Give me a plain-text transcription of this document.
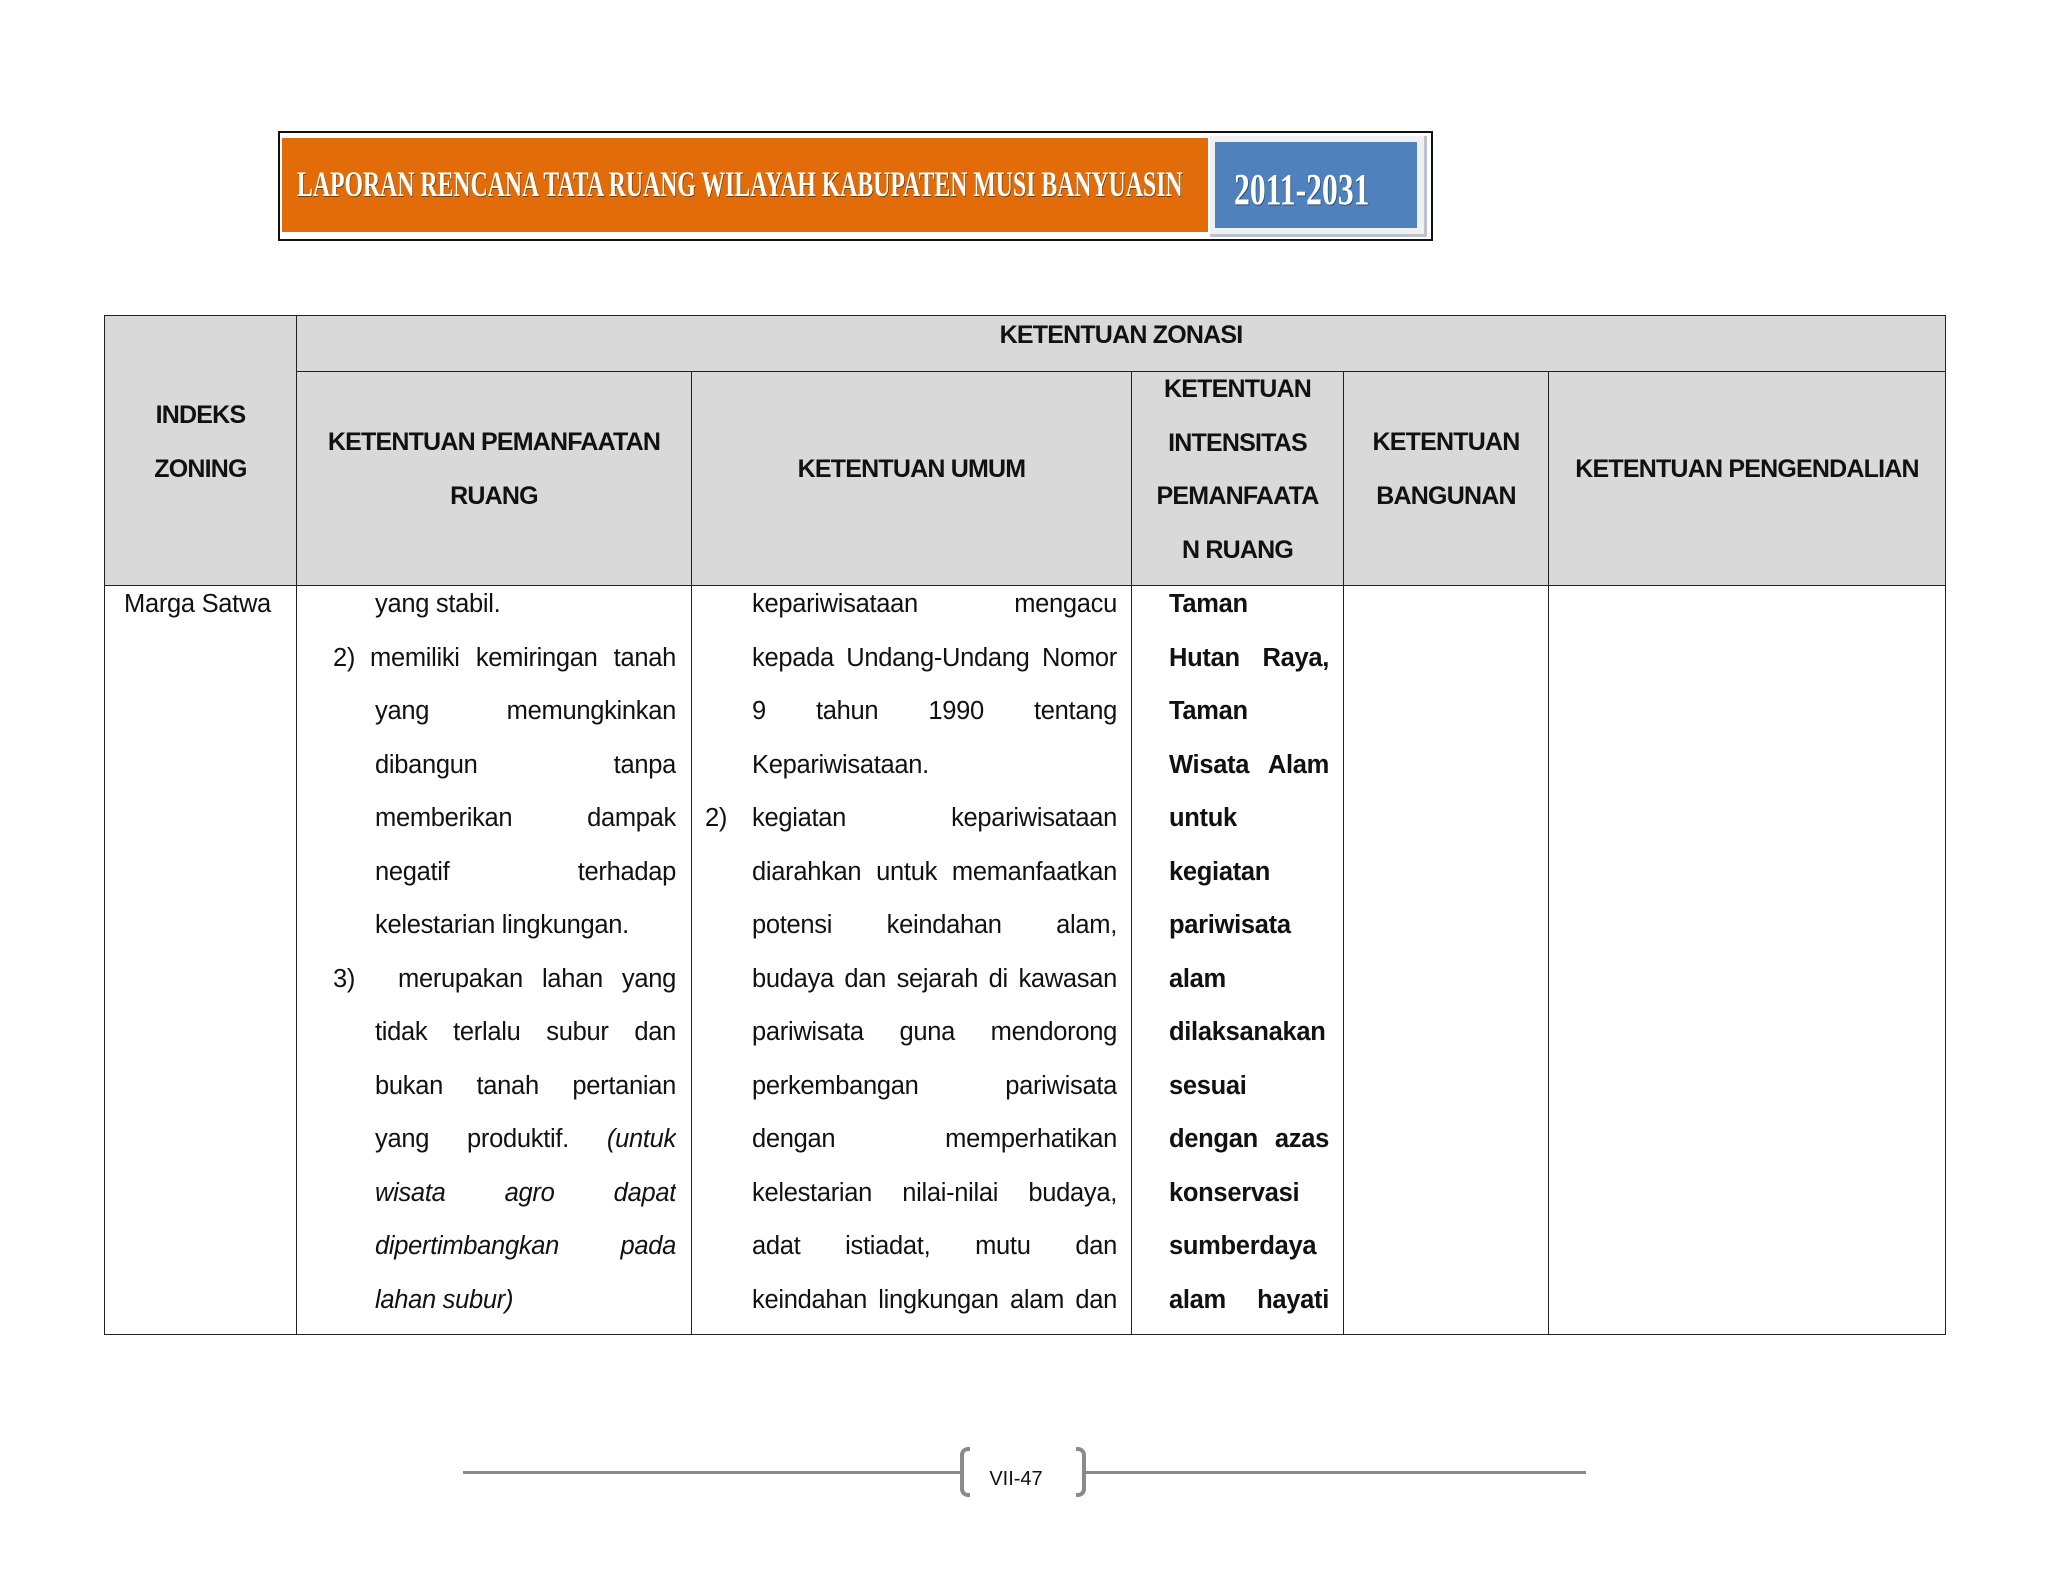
LAPORAN RENCANA TATA RUANG WILAYAH KABUPATEN MUSI BANYUASIN 2011-2031
INDEKS
ZONING
KETENTUAN ZONASI
KETENTUAN PEMANFAATAN
RUANG
KETENTUAN UMUM
KETENTUAN
INTENSITAS
PEMANFAATA
N RUANG
KETENTUAN
BANGUNAN
KETENTUAN PENGENDALIAN
Marga Satwa	yang stabil.
2) memiliki kemiringan tanah
yang memungkinkan
dibangun tanpa
memberikan dampak
negatif terhadap
kelestarian lingkungan.
3) merupakan lahan yang
tidak terlalu subur dan
bukan tanah pertanian
yang produktif. (untuk
wisata agro dapat
dipertimbangkan pada
lahan subur)
kepariwisataan mengacu
kepada Undang-Undang Nomor
9 tahun 1990 tentang
Kepariwisataan.
2) kegiatan kepariwisataan
diarahkan untuk memanfaatkan
potensi keindahan alam,
budaya dan sejarah di kawasan
pariwisata guna mendorong
perkembangan pariwisata
dengan memperhatikan
kelestarian nilai-nilai budaya,
adat istiadat, mutu dan
keindahan lingkungan alam dan
Taman
Hutan Raya,
Taman
Wisata Alam
untuk
kegiatan
pariwisata
alam
dilaksanakan
sesuai
dengan azas
konservasi
sumberdaya
alam hayati
VII-47
